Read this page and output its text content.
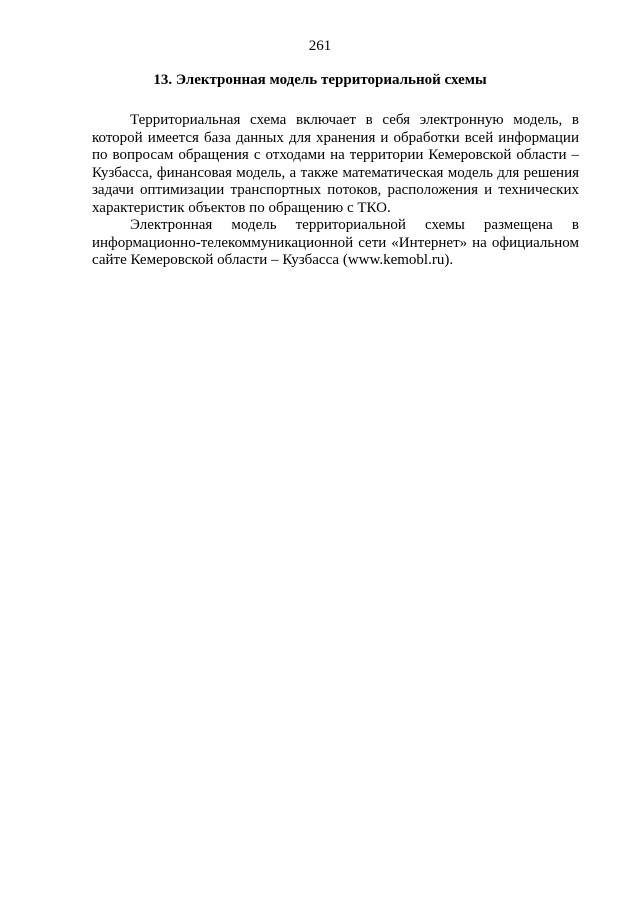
261
13. Электронная модель территориальной схемы

Территориальная схема включает в себя электронную модель, в которой имеется база данных для хранения и обработки всей информации по вопросам обращения с отходами на территории Кемеровской области – Кузбасса, финансовая модель, а также математическая модель для решения задачи оптимизации транспортных потоков, расположения и технических характеристик объектов по обращению с ТКО.

Электронная модель территориальной схемы размещена в информационно-телекоммуникационной сети «Интернет» на официальном сайте Кемеровской области – Кузбасса (www.kemobl.ru).
